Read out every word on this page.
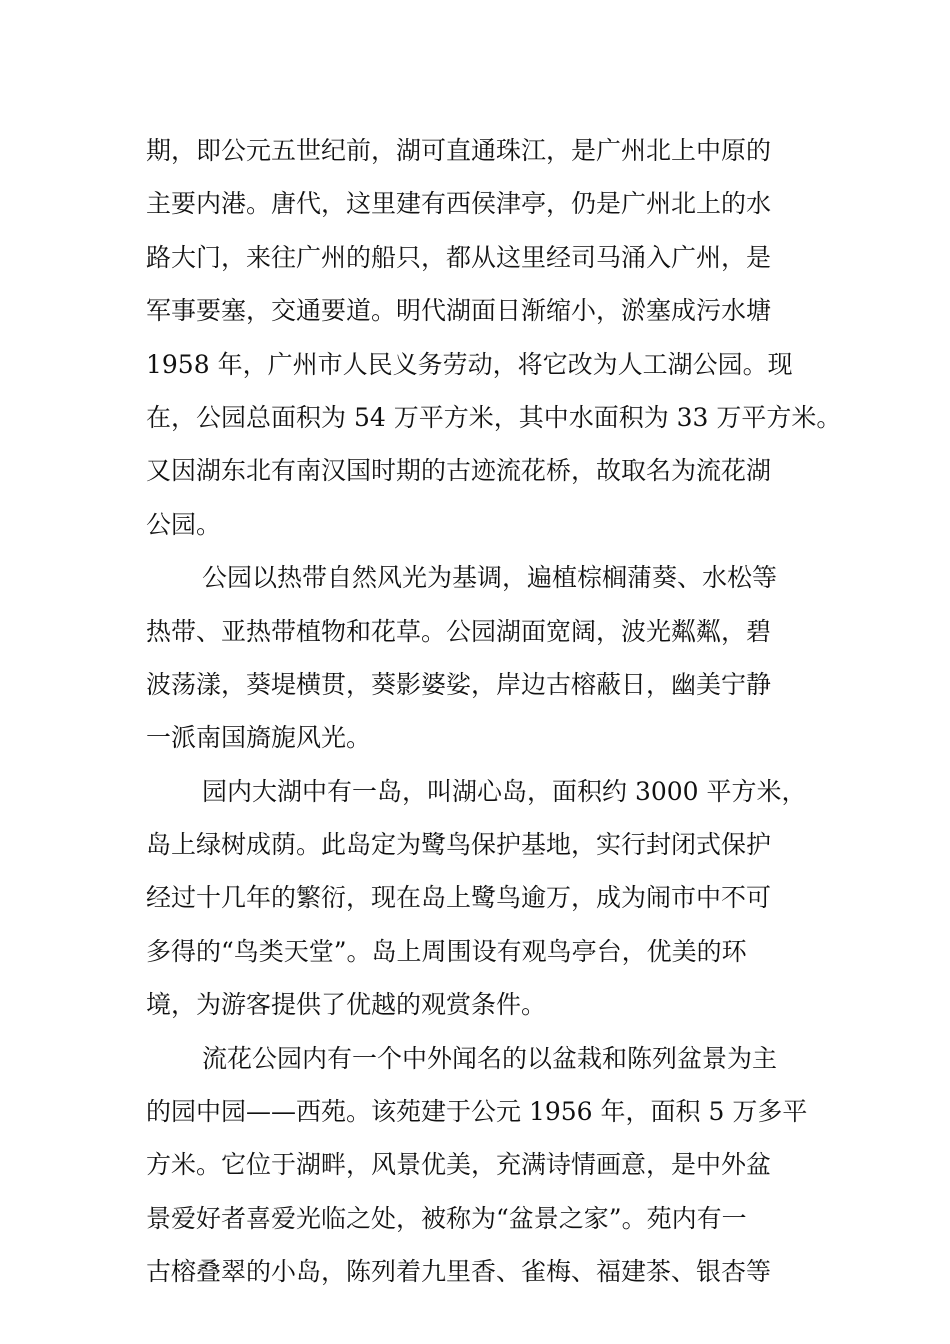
期，即公元五世纪前，湖可直通珠江，是广州北上中原的
主要内港。唐代，这里建有西侯津亭，仍是广州北上的水
路大门，来往广州的船只，都从这里经司马涌入广州，是
军事要塞，交通要道。明代湖面日渐缩小，淤塞成污水塘
1958 年，广州市人民义务劳动，将它改为人工湖公园。现
在，公园总面积为 54 万平方米，其中水面积为 33 万平方米。
又因湖东北有南汉国时期的古迹流花桥，故取名为流花湖
公园。
公园以热带自然风光为基调，遍植棕榈蒲葵、水松等
热带、亚热带植物和花草。公园湖面宽阔，波光粼粼，碧
波荡漾，葵堤横贯，葵影婆娑，岸边古榕蔽日，幽美宁静
一派南国旖旎风光。
园内大湖中有一岛，叫湖心岛，面积约 3000 平方米，
岛上绿树成荫。此岛定为鹭鸟保护基地，实行封闭式保护
经过十几年的繁衍，现在岛上鹭鸟逾万，成为闹市中不可
多得的“鸟类天堂”。岛上周围设有观鸟亭台，优美的环
境，为游客提供了优越的观赏条件。
流花公园内有一个中外闻名的以盆栽和陈列盆景为主
的园中园——西苑。该苑建于公元 1956 年，面积 5 万多平
方米。它位于湖畔，风景优美，充满诗情画意，是中外盆
景爱好者喜爱光临之处，被称为“盆景之家”。苑内有一
古榕叠翠的小岛，陈列着九里香、雀梅、福建茶、银杏等
